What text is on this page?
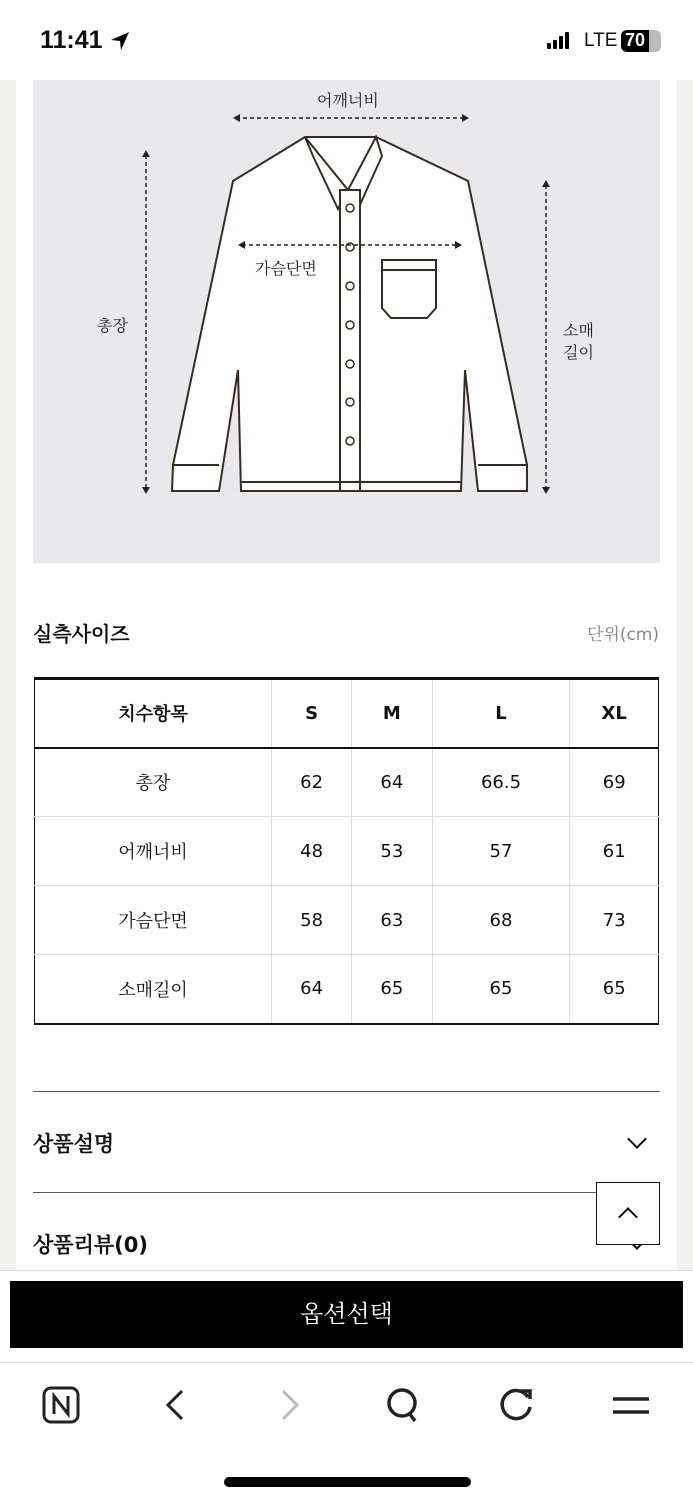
11:41	LTE 70
어깨너비
가슴단면
총장	소매
길이
실측사이즈	단위(cm)
치수항목	S	M	L	XL
총장	62	64	66.5	69
어깨너비	48	53	57	61
가슴단면	58	63	68	73
소매길이	64	65	65	65
상품설명
상품리뷰(0)
옵션선택
